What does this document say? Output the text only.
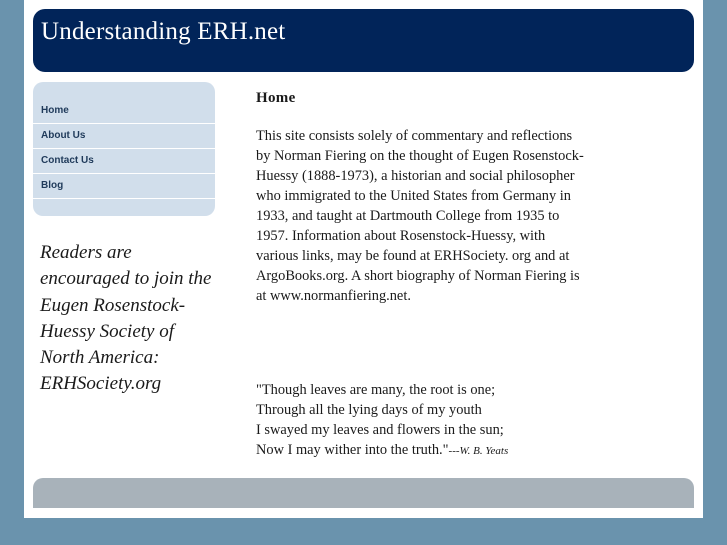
Understanding ERH.net
Home
About Us
Contact Us
Blog
Readers are encouraged to join the Eugen Rosenstock-Huessy Society of North America: ERHSociety.org
Home

This site consists solely of commentary and reflections by Norman Fiering on the thought of Eugen Rosenstock-Huessy (1888-1973), a historian and social philosopher who immigrated to the United States from Germany in 1933, and taught at Dartmouth College from 1935 to 1957. Information about Rosenstock-Huessy, with various links, may be found at ERHSociety. org and at ArgoBooks.org. A short biography of Norman Fiering is at www.normanfiering.net.

"Though leaves are many, the root is one;
Through all the lying days of my youth
I swayed my leaves and flowers in the sun;
Now I may wither into the truth."---W. B. Yeats
